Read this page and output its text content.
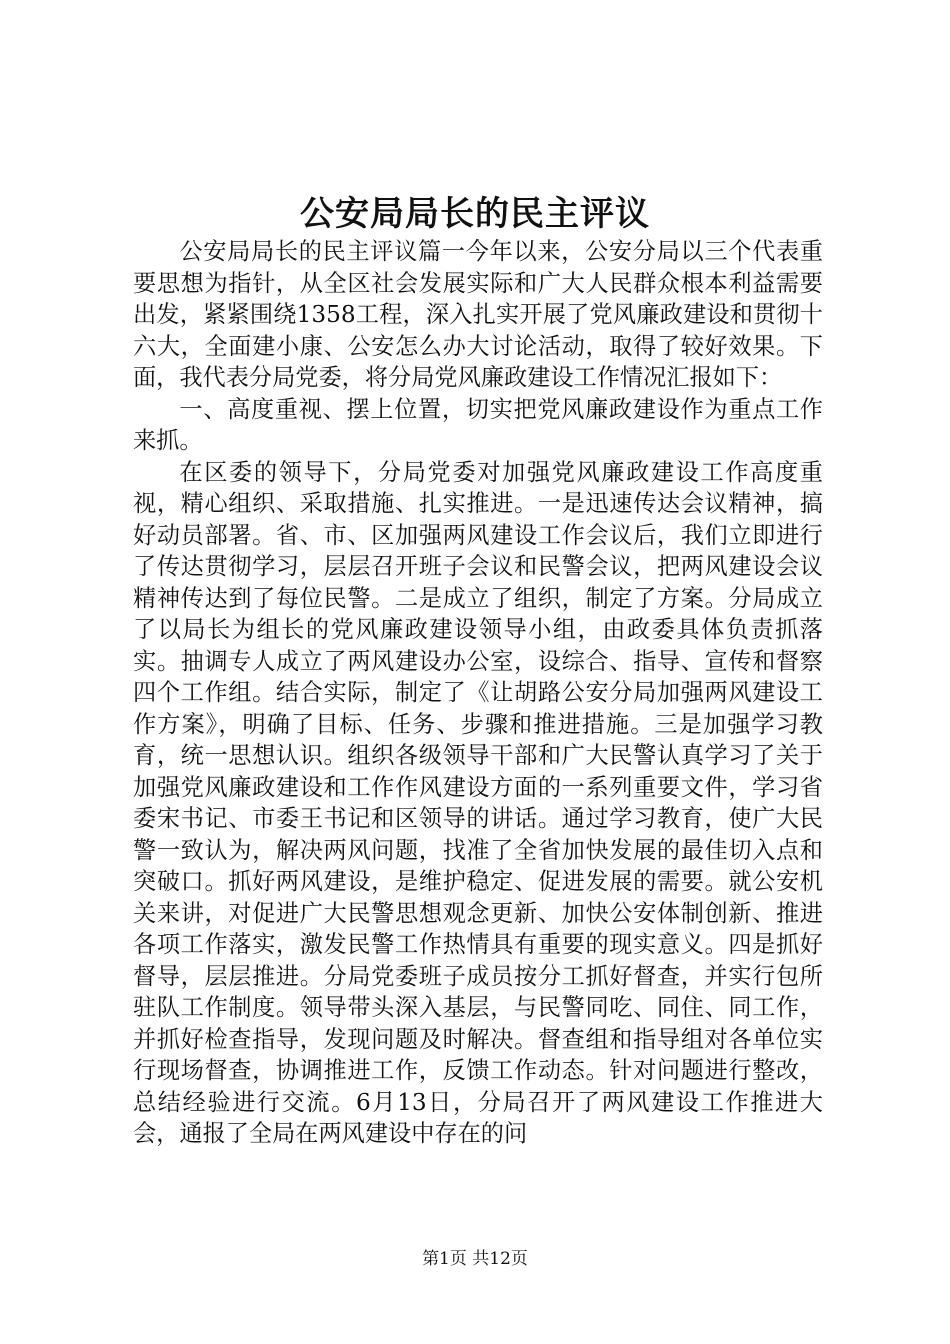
公安局局长的民主评议

公安局局长的民主评议篇一今年以来，公安分局以三个代表重要思想为指针，从全区社会发展实际和广大人民群众根本利益需要出发，紧紧围绕1358工程，深入扎实开展了党风廉政建设和贯彻十六大，全面建小康、公安怎么办大讨论活动，取得了较好效果。下面，我代表分局党委，将分局党风廉政建设工作情况汇报如下：

一、高度重视、摆上位置，切实把党风廉政建设作为重点工作来抓。

在区委的领导下，分局党委对加强党风廉政建设工作高度重视，精心组织、采取措施、扎实推进。一是迅速传达会议精神，搞好动员部署。省、市、区加强两风建设工作会议后，我们立即进行了传达贯彻学习，层层召开班子会议和民警会议，把两风建设会议精神传达到了每位民警。二是成立了组织，制定了方案。分局成立了以局长为组长的党风廉政建设领导小组，由政委具体负责抓落实。抽调专人成立了两风建设办公室，设综合、指导、宣传和督察四个工作组。结合实际，制定了《让胡路公安分局加强两风建设工作方案》，明确了目标、任务、步骤和推进措施。三是加强学习教育，统一思想认识。组织各级领导干部和广大民警认真学习了关于加强党风廉政建设和工作作风建设方面的一系列重要文件，学习省委宋书记、市委王书记和区领导的讲话。通过学习教育，使广大民警一致认为，解决两风问题，找准了全省加快发展的最佳切入点和突破口。抓好两风建设，是维护稳定、促进发展的需要。就公安机关来讲，对促进广大民警思想观念更新、加快公安体制创新、推进各项工作落实，激发民警工作热情具有重要的现实意义。四是抓好督导，层层推进。分局党委班子成员按分工抓好督查，并实行包所驻队工作制度。领导带头深入基层，与民警同吃、同住、同工作，并抓好检查指导，发现问题及时解决。督查组和指导组对各单位实行现场督查，协调推进工作，反馈工作动态。针对问题进行整改，总结经验进行交流。6月13日，分局召开了两风建设工作推进大会，通报了全局在两风建设中存在的问

第1页 共12页
